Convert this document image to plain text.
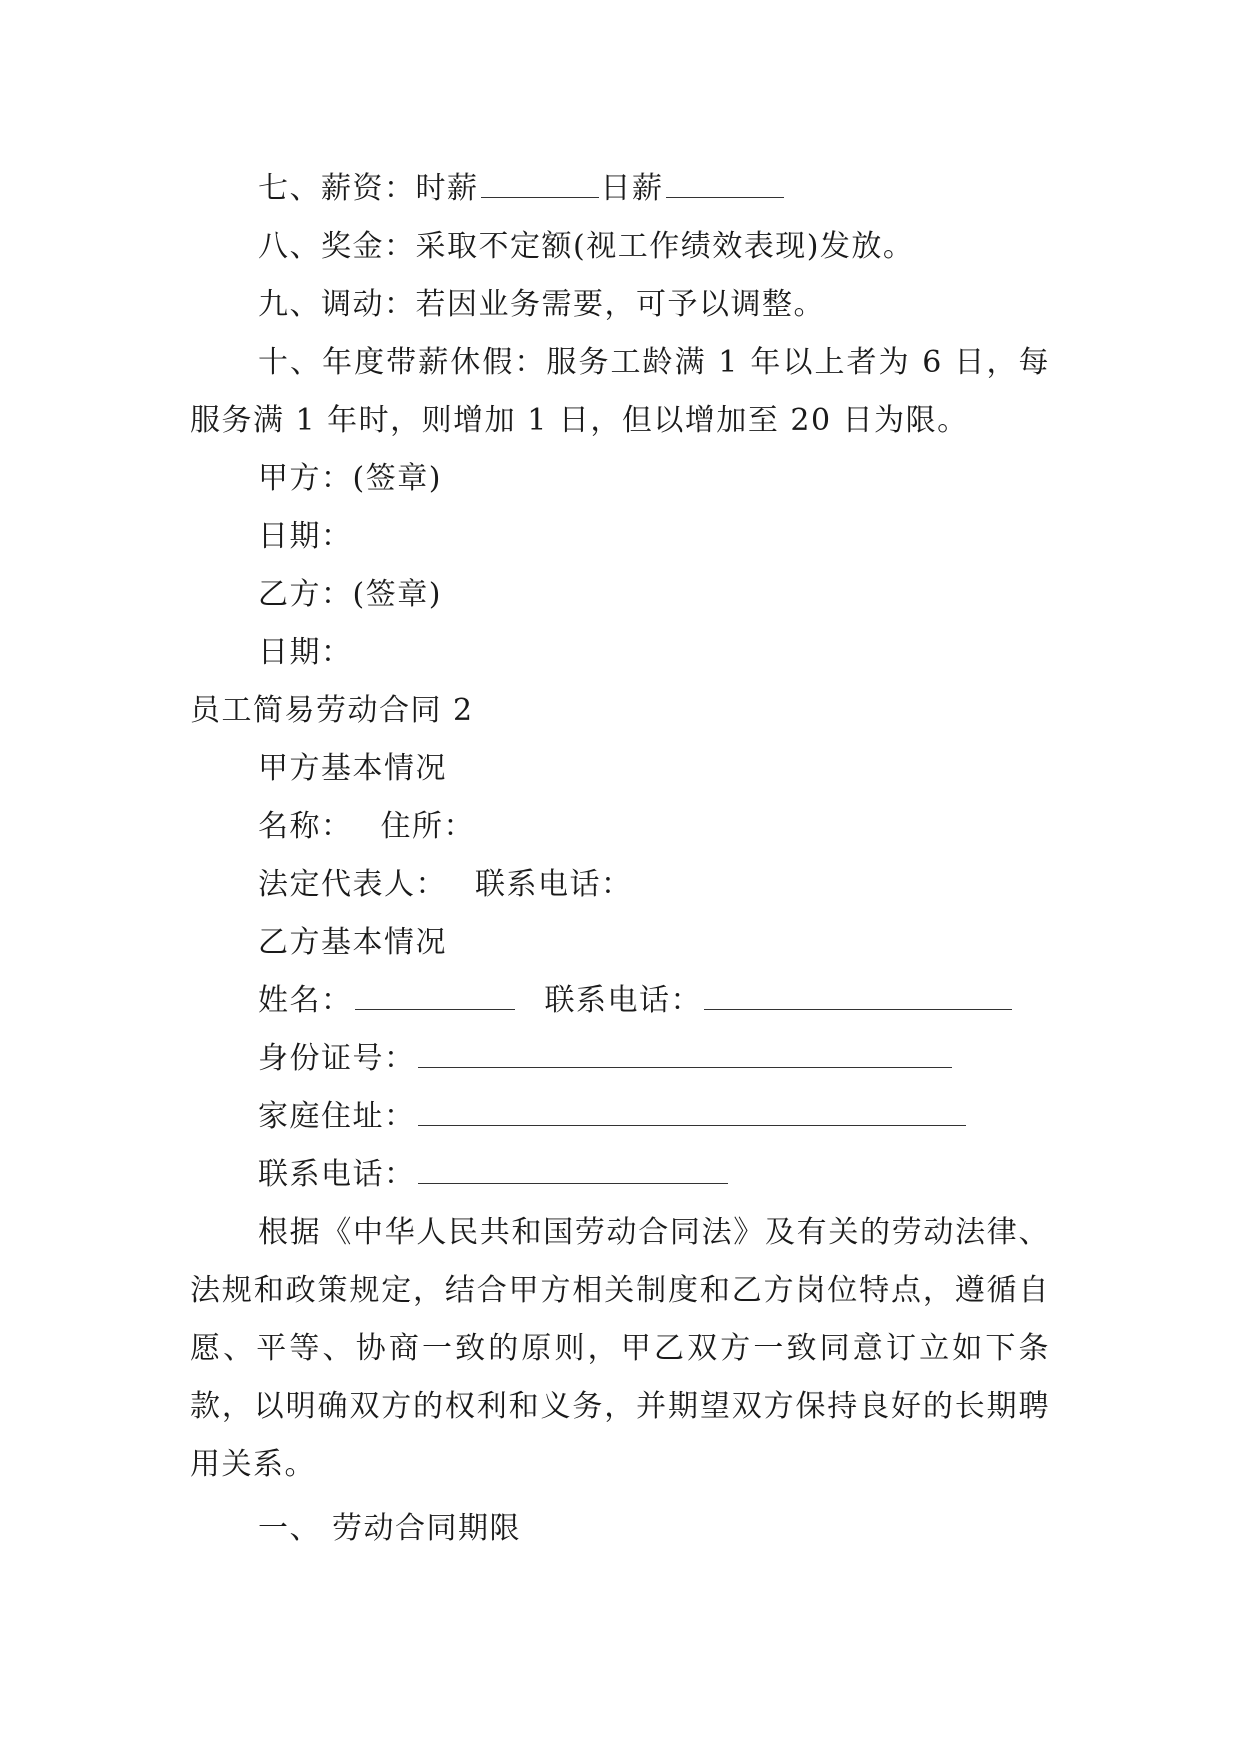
七、薪资：时薪	日薪
八、奖金：采取不定额(视工作绩效表现)发放。
九、调动：若因业务需要，可予以调整。
十、年度带薪休假：服务工龄满 1 年以上者为 6 日，每服务满 1 年时，则增加 1 日，但以增加至 20 日为限。
甲方：(签章)
日期：
乙方：(签章)
日期：
员工简易劳动合同 2
甲方基本情况
名称： 住所：
法定代表人： 联系电话：
乙方基本情况
姓名：	联系电话：
身份证号：
家庭住址：
联系电话：
根据《中华人民共和国劳动合同法》及有关的劳动法律、法规和政策规定，结合甲方相关制度和乙方岗位特点，遵循自愿、平等、协商一致的原则，甲乙双方一致同意订立如下条款，以明确双方的权利和义务，并期望双方保持良好的长期聘用关系。
一、 劳动合同期限
